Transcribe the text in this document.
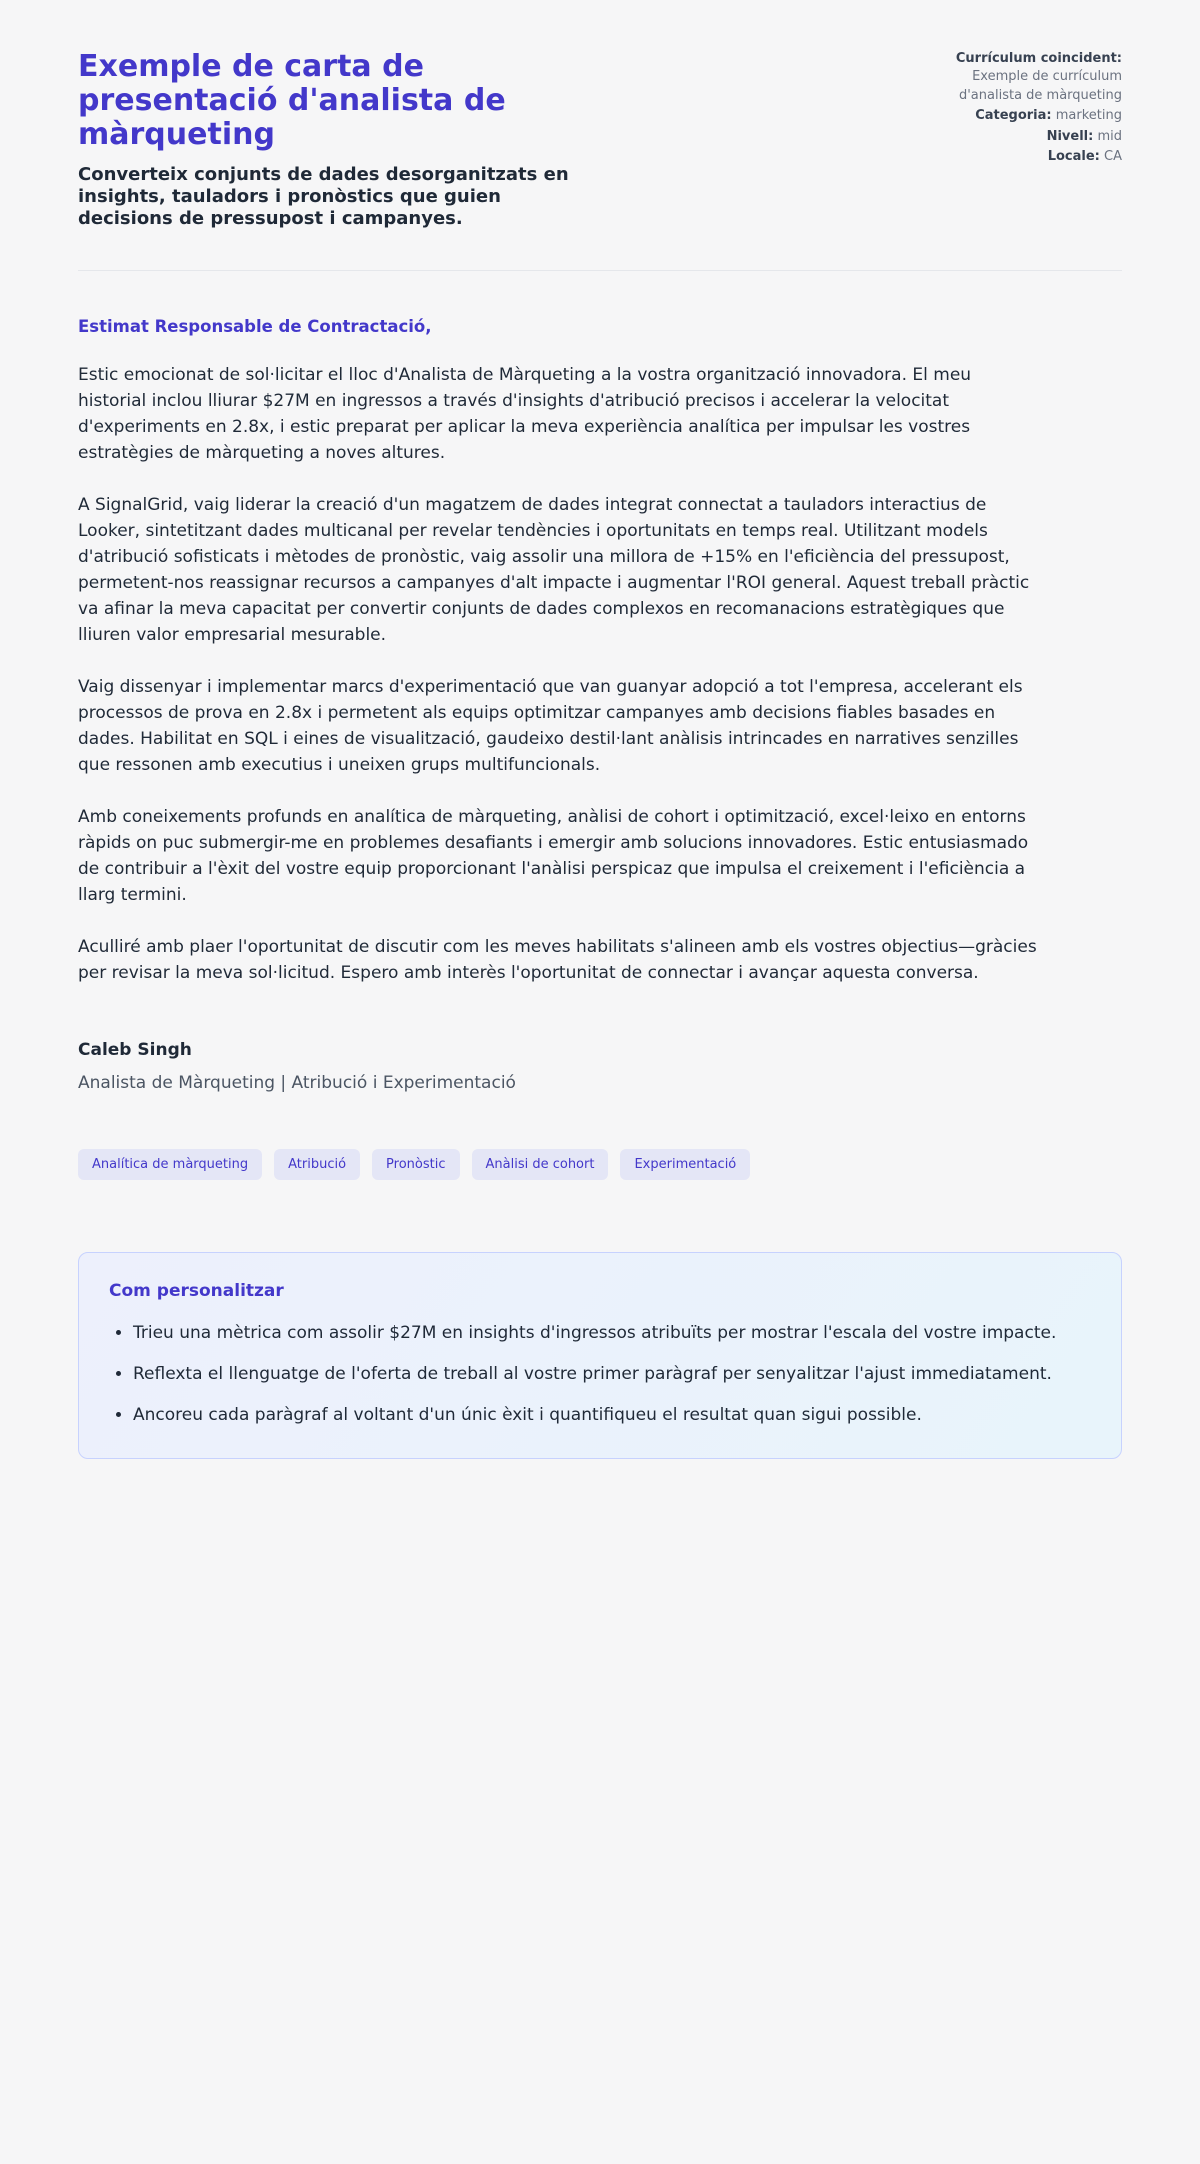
Exemple de carta de presentació d'analista de màrqueting

Converteix conjunts de dades desorganitzats en insights, tauladors i pronòstics que guien decisions de pressupost i campanyes.

Currículum coincident: Exemple de currículum d'analista de màrqueting
Categoria: marketing
Nivell: mid
Locale: CA

Estimat Responsable de Contractació,

Estic emocionat de sol·licitar el lloc d'Analista de Màrqueting a la vostra organització innovadora. El meu historial inclou lliurar $27M en ingressos a través d'insights d'atribució precisos i accelerar la velocitat d'experiments en 2.8x, i estic preparat per aplicar la meva experiència analítica per impulsar les vostres estratègies de màrqueting a noves altures.

A SignalGrid, vaig liderar la creació d'un magatzem de dades integrat connectat a tauladors interactius de Looker, sintetitzant dades multicanal per revelar tendències i oportunitats en temps real. Utilitzant models d'atribució sofisticats i mètodes de pronòstic, vaig assolir una millora de +15% en l'eficiència del pressupost, permetent-nos reassignar recursos a campanyes d'alt impacte i augmentar l'ROI general. Aquest treball pràctic va afinar la meva capacitat per convertir conjunts de dades complexos en recomanacions estratègiques que lliuren valor empresarial mesurable.

Vaig dissenyar i implementar marcs d'experimentació que van guanyar adopció a tot l'empresa, accelerant els processos de prova en 2.8x i permetent als equips optimitzar campanyes amb decisions fiables basades en dades. Habilitat en SQL i eines de visualització, gaudeixo destil·lant anàlisis intrincades en narratives senzilles que ressonen amb executius i uneixen grups multifuncionals.

Amb coneixements profunds en analítica de màrqueting, anàlisi de cohort i optimització, excel·leixo en entorns ràpids on puc submergir-me en problemes desafiants i emergir amb solucions innovadores. Estic entusiasmado de contribuir a l'èxit del vostre equip proporcionant l'anàlisi perspicaz que impulsa el creixement i l'eficiència a llarg termini.

Aculliré amb plaer l'oportunitat de discutir com les meves habilitats s'alineen amb els vostres objectius—gràcies per revisar la meva sol·licitud. Espero amb interès l'oportunitat de connectar i avançar aquesta conversa.

Caleb Singh

Analista de Màrqueting | Atribució i Experimentació

Analítica de màrqueting	Atribució	Pronòstic	Anàlisi de cohort	Experimentació
Com personalitzar
• Trieu una mètrica com assolir $27M en insights d'ingressos atribuïts per mostrar l'escala del vostre impacte.
• Reflexta el llenguatge de l'oferta de treball al vostre primer paràgraf per senyalitzar l'ajust immediatament.
• Ancoreu cada paràgraf al voltant d'un únic èxit i quantifiqueu el resultat quan sigui possible.
